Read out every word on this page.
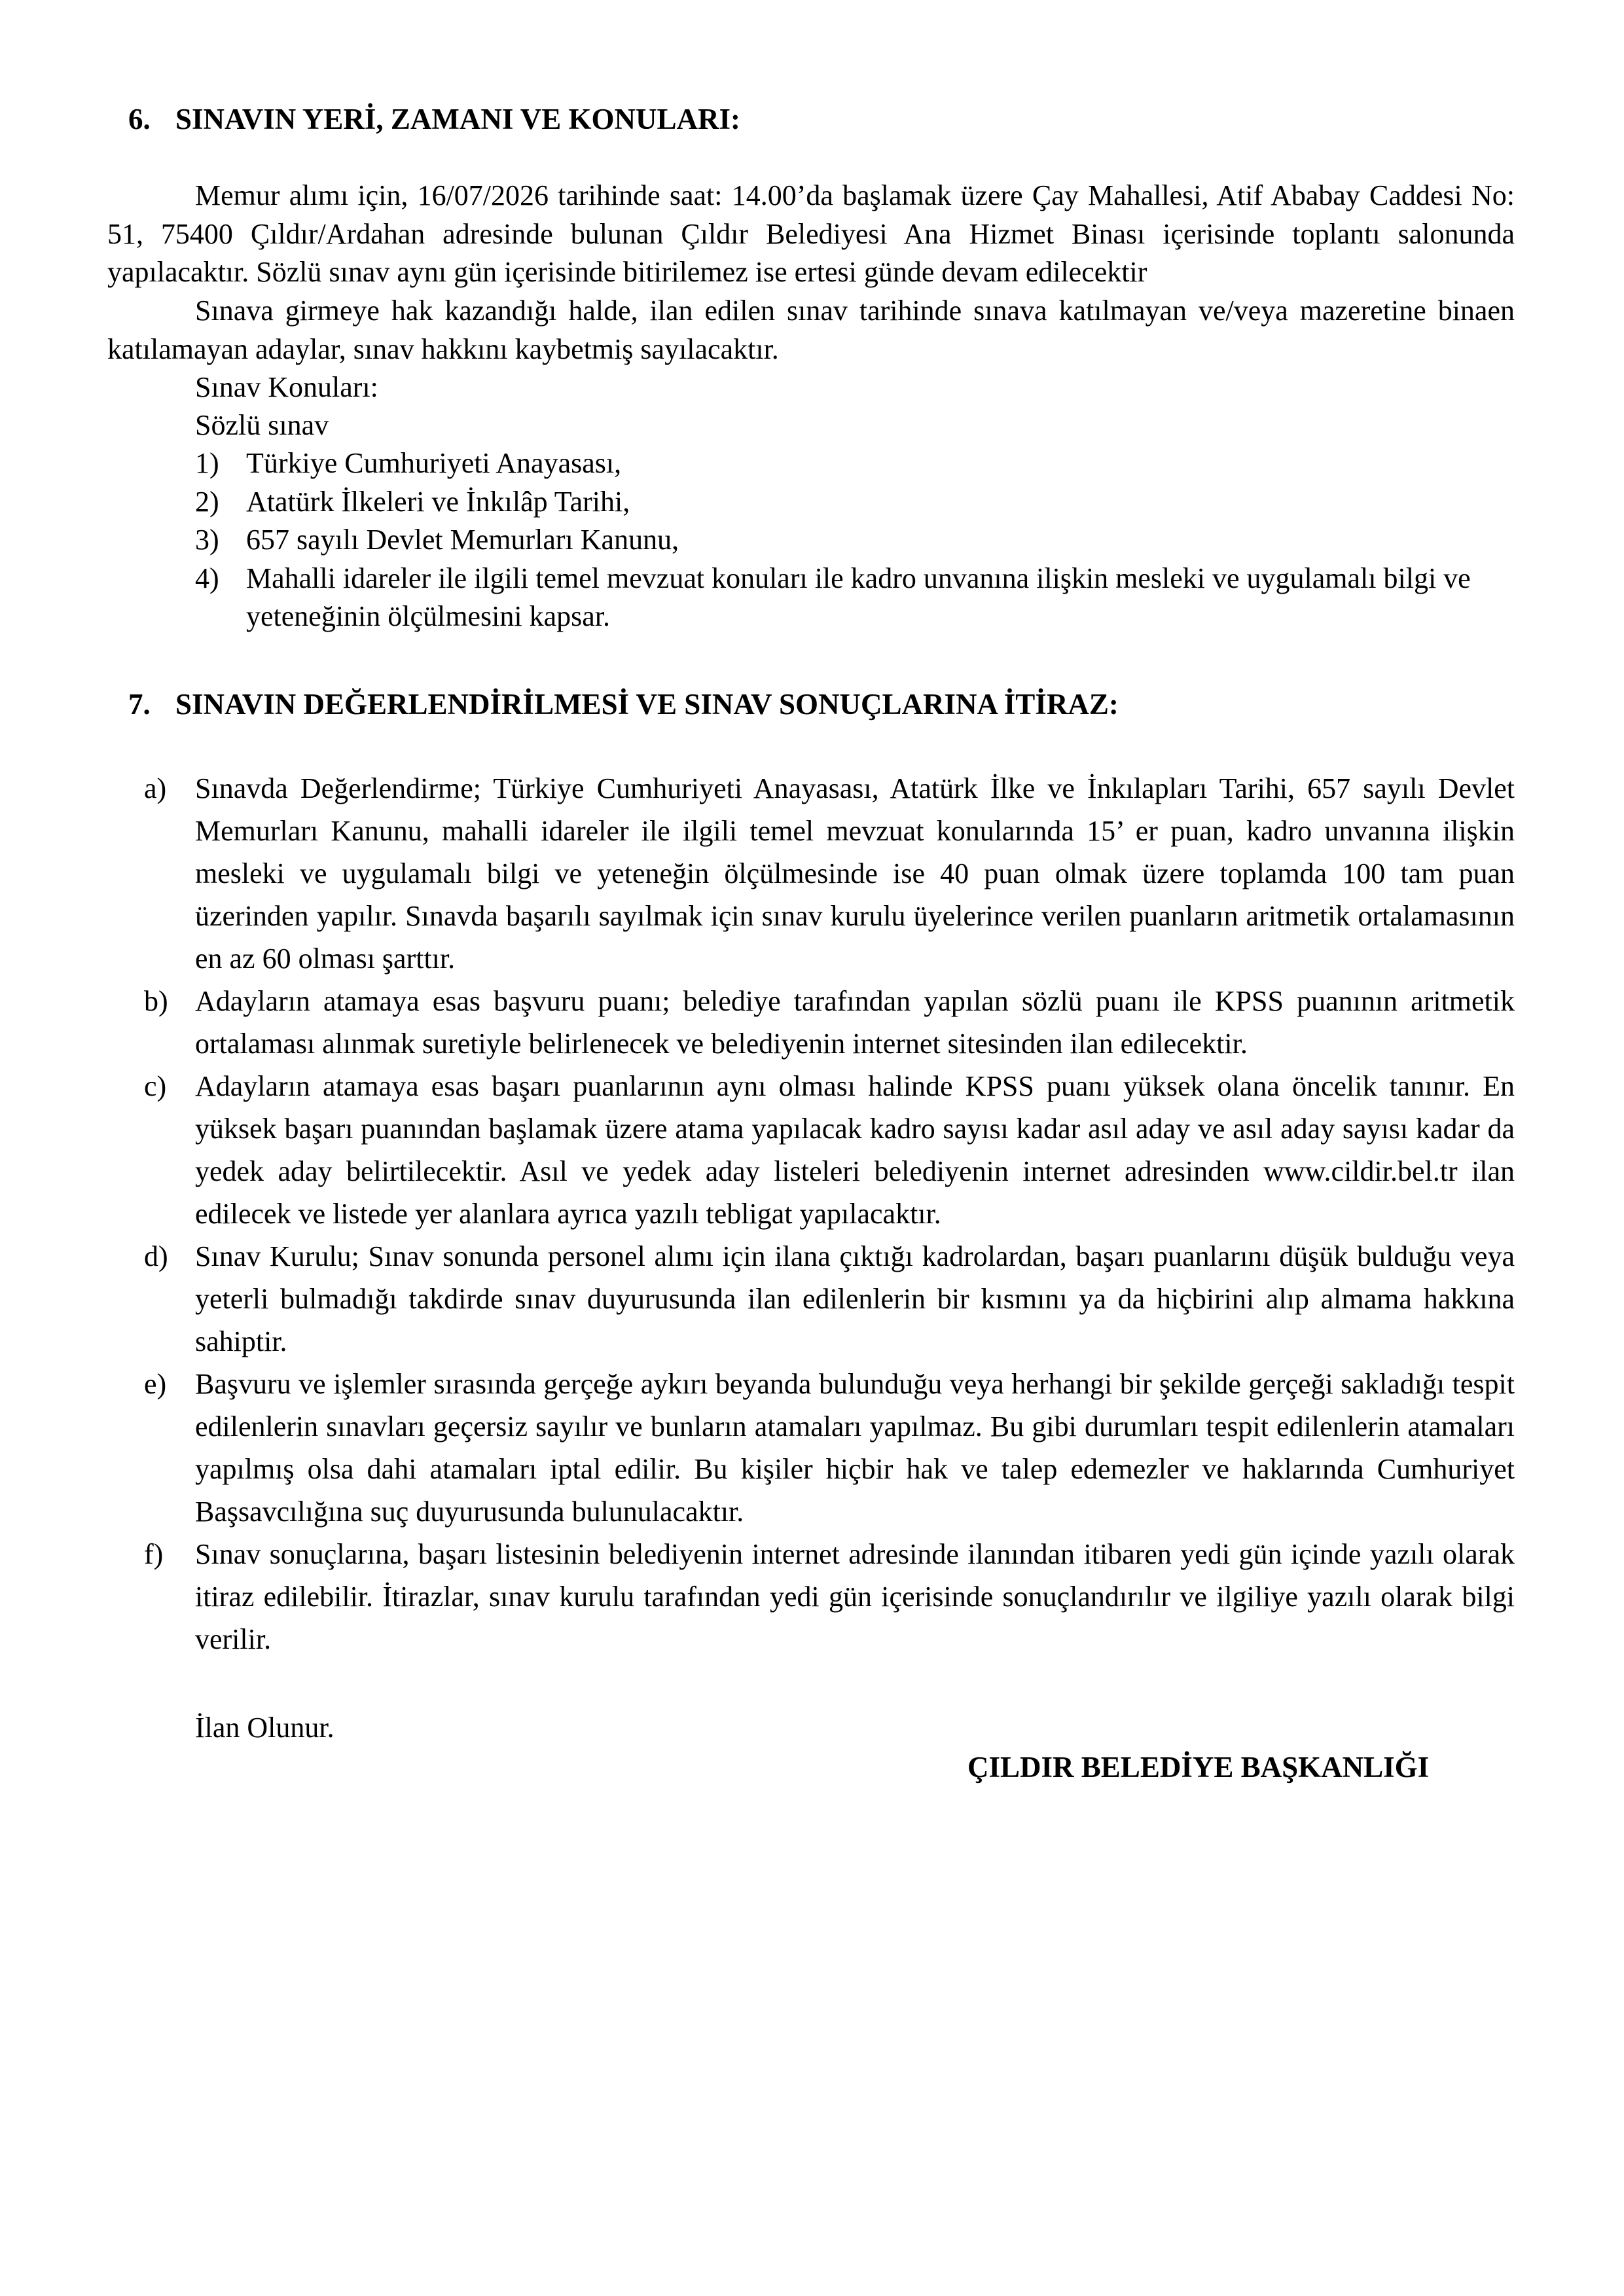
6. SINAVIN YERİ, ZAMANI VE KONULARI:

Memur alımı için, 16/07/2026 tarihinde saat: 14.00’da başlamak üzere Çay Mahallesi, Atif Ababay Caddesi No: 51, 75400 Çıldır/Ardahan adresinde bulunan Çıldır Belediyesi Ana Hizmet Binası içerisinde toplantı salonunda yapılacaktır. Sözlü sınav aynı gün içerisinde bitirilemez ise ertesi günde devam edilecektir

Sınava girmeye hak kazandığı halde, ilan edilen sınav tarihinde sınava katılmayan ve/veya mazeretine binaen katılamayan adaylar, sınav hakkını kaybetmiş sayılacaktır.

Sınav Konuları:
Sözlü sınav
1) Türkiye Cumhuriyeti Anayasası,
2) Atatürk İlkeleri ve İnkılâp Tarihi,
3) 657 sayılı Devlet Memurları Kanunu,
4) Mahalli idareler ile ilgili temel mevzuat konuları ile kadro unvanına ilişkin mesleki ve uygulamalı bilgi ve yeteneğinin ölçülmesini kapsar.
7. SINAVIN DEĞERLENDİRİLMESİ VE SINAV SONUÇLARINA İTİRAZ:
a) Sınavda Değerlendirme; Türkiye Cumhuriyeti Anayasası, Atatürk İlke ve İnkılapları Tarihi, 657 sayılı Devlet Memurları Kanunu, mahalli idareler ile ilgili temel mevzuat konularında 15’ er puan, kadro unvanına ilişkin mesleki ve uygulamalı bilgi ve yeteneğin ölçülmesinde ise 40 puan olmak üzere toplamda 100 tam puan üzerinden yapılır. Sınavda başarılı sayılmak için sınav kurulu üyelerince verilen puanların aritmetik ortalamasının en az 60 olması şarttır.
b) Adayların atamaya esas başvuru puanı; belediye tarafından yapılan sözlü puanı ile KPSS puanının aritmetik ortalaması alınmak suretiyle belirlenecek ve belediyenin internet sitesinden ilan edilecektir.
c) Adayların atamaya esas başarı puanlarının aynı olması halinde KPSS puanı yüksek olana öncelik tanınır. En yüksek başarı puanından başlamak üzere atama yapılacak kadro sayısı kadar asıl aday ve asıl aday sayısı kadar da yedek aday belirtilecektir. Asıl ve yedek aday listeleri belediyenin internet adresinden www.cildir.bel.tr ilan edilecek ve listede yer alanlara ayrıca yazılı tebligat yapılacaktır.
d) Sınav Kurulu; Sınav sonunda personel alımı için ilana çıktığı kadrolardan, başarı puanlarını düşük bulduğu veya yeterli bulmadığı takdirde sınav duyurusunda ilan edilenlerin bir kısmını ya da hiçbirini alıp almama hakkına sahiptir.
e) Başvuru ve işlemler sırasında gerçeğe aykırı beyanda bulunduğu veya herhangi bir şekilde gerçeği sakladığı tespit edilenlerin sınavları geçersiz sayılır ve bunların atamaları yapılmaz. Bu gibi durumları tespit edilenlerin atamaları yapılmış olsa dahi atamaları iptal edilir. Bu kişiler hiçbir hak ve talep edemezler ve haklarında Cumhuriyet Başsavcılığına suç duyurusunda bulunulacaktır.
f) Sınav sonuçlarına, başarı listesinin belediyenin internet adresinde ilanından itibaren yedi gün içinde yazılı olarak itiraz edilebilir. İtirazlar, sınav kurulu tarafından yedi gün içerisinde sonuçlandırılır ve ilgiliye yazılı olarak bilgi verilir.
İlan Olunur.
ÇILDIR BELEDİYE BAŞKANLIĞI
